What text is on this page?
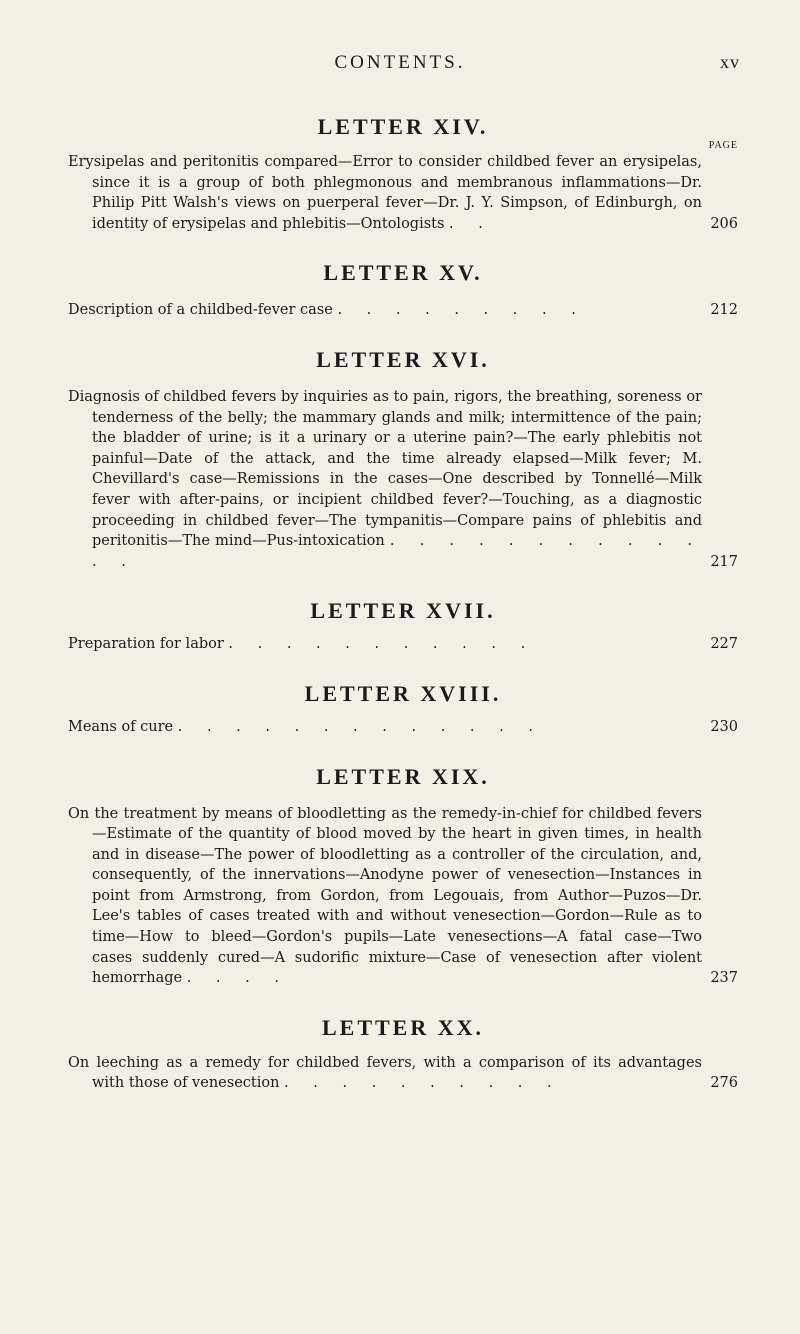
CONTENTS.	xv
LETTER XIV.
PAGE

Erysipelas and peritonitis compared—Error to consider childbed fever an erysipelas, since it is a group of both phlegmonous and membranous inflammations—Dr. Philip Pitt Walsh's views on puerperal fever—Dr. J. Y. Simpson, of Edinburgh, on identity of erysipelas and phlebitis—Ontologists . .	206

LETTER XV.

Description of a childbed-fever case . . . . . . . . .	212

LETTER XVI.

Diagnosis of childbed fevers by inquiries as to pain, rigors, the breathing, soreness or tenderness of the belly; the mammary glands and milk; intermittence of the pain; the bladder of urine; is it a urinary or a uterine pain?—The early phlebitis not painful—Date of the attack, and the time already elapsed—Milk fever; M. Chevillard's case—Remissions in the cases—One described by Tonnellé—Milk fever with after-pains, or incipient childbed fever?—Touching, as a diagnostic proceeding in childbed fever—The tympanitis—Compare pains of phlebitis and peritonitis—The mind—Pus-intoxication . . . . . . . . . . . . .	217

LETTER XVII.

Preparation for labor . . . . . . . . . . .	227

LETTER XVIII.

Means of cure . . . . . . . . . . . . .	230

LETTER XIX.

On the treatment by means of bloodletting as the remedy-in-chief for childbed fevers—Estimate of the quantity of blood moved by the heart in given times, in health and in disease—The power of bloodletting as a controller of the circulation, and, consequently, of the innervations—Anodyne power of venesection—Instances in point from Armstrong, from Gordon, from Legouais, from Author—Puzos—Dr. Lee's tables of cases treated with and without venesection—Gordon—Rule as to time—How to bleed—Gordon's pupils—Late venesections—A fatal case—Two cases suddenly cured—A sudorific mixture—Case of venesection after violent hemorrhage . . . .	237

LETTER XX.

On leeching as a remedy for childbed fevers, with a comparison of its advantages with those of venesection . . . . . . . . . .	276
